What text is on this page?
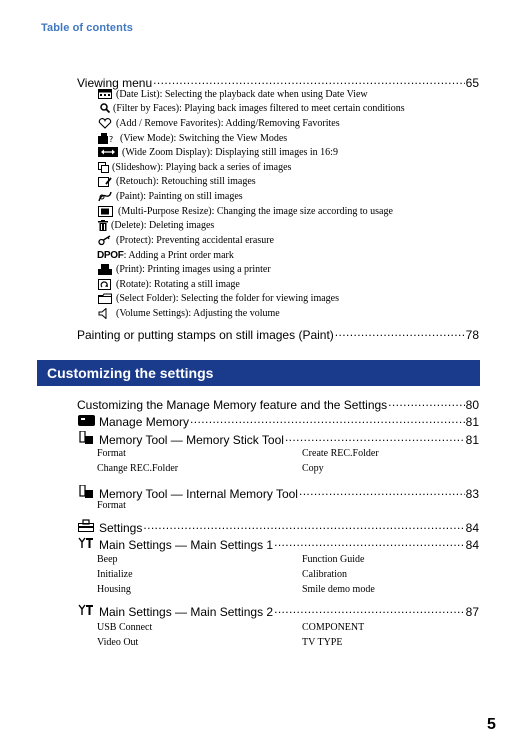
Table of contents
Viewing menu .....	65
(Date List): Selecting the playback date when using Date View
(Filter by Faces): Playing back images filtered to meet certain conditions
(Add / Remove Favorites): Adding/Removing Favorites
? (View Mode): Switching the View Modes
(Wide Zoom Display): Displaying still images in 16:9
(Slideshow): Playing back a series of images
(Retouch): Retouching still images
(Paint): Painting on still images
(Multi-Purpose Resize): Changing the image size according to usage
(Delete): Deleting images
(Protect): Preventing accidental erasure
DPOF : Adding a Print order mark
(Print): Printing images using a printer
(Rotate): Rotating a still image
(Select Folder): Selecting the folder for viewing images
(Volume Settings): Adjusting the volume
Painting or putting stamps on still images (Paint) .....	78
Customizing the settings
Customizing the Manage Memory feature and the Settings .....	80
Manage Memory .....	81
Memory Tool — Memory Stick Tool .....	81
Format	Create REC.Folder
Change REC.Folder	Copy
Memory Tool — Internal Memory Tool .....	83
Format
Settings .....	84
Main Settings — Main Settings 1 .....	84
Beep	Function Guide
Initialize	Calibration
Housing	Smile demo mode
Main Settings — Main Settings 2 .....	87
USB Connect	COMPONENT
Video Out	TV TYPE
5
